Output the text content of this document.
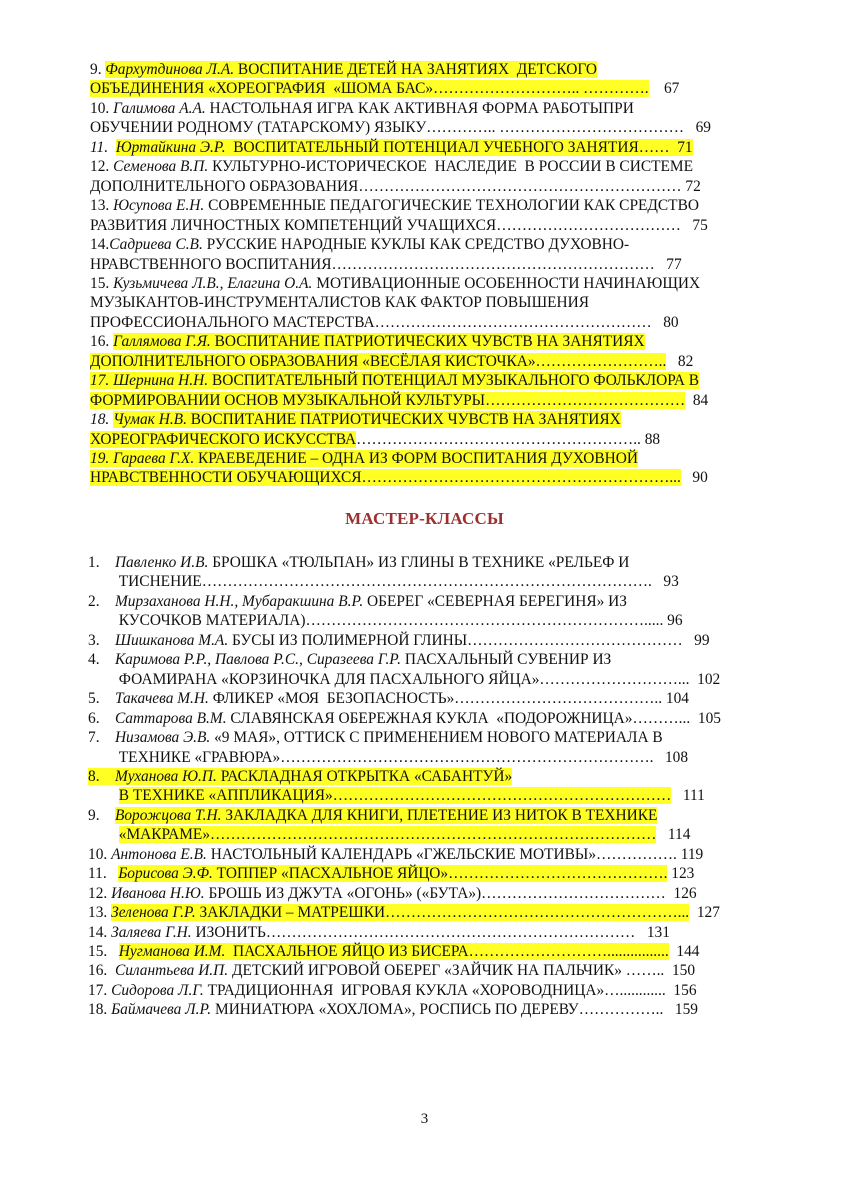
9. Фархутдинова Л.А. ВОСПИТАНИЕ ДЕТЕЙ НА ЗАНЯТИЯХ  ДЕТСКОГО
ОБЪЕДИНЕНИЯ «ХОРЕОГРАФИЯ  «ШОМА БАС»……………………….. ………….    67
10. Галимова А.А. НАСТОЛЬНАЯ ИГРА КАК АКТИВНАЯ ФОРМА РАБОТЫПРИ
ОБУЧЕНИИ РОДНОМУ (ТАТАРСКОМУ) ЯЗЫКУ………….. ………………………………   69
11.  Юртайкина Э.Р.  ВОСПИТАТЕЛЬНЫЙ ПОТЕНЦИАЛ УЧЕБНОГО ЗАНЯТИЯ……  71
12. Семенова В.П. КУЛЬТУРНО-ИСТОРИЧЕСКОЕ  НАСЛЕДИЕ  В РОССИИ В СИСТЕМЕ
ДОПОЛНИТЕЛЬНОГО ОБРАЗОВАНИЯ……………………………………………………… 72
13. Юсупова Е.Н. СОВРЕМЕННЫЕ ПЕДАГОГИЧЕСКИЕ ТЕХНОЛОГИИ КАК СРЕДСТВО
РАЗВИТИЯ ЛИЧНОСТНЫХ КОМПЕТЕНЦИЙ УЧАЩИХСЯ………………………………   75
14.Садриева С.В. РУССКИЕ НАРОДНЫЕ КУКЛЫ КАК СРЕДСТВО ДУХОВНО-
НРАВСТВЕННОГО ВОСПИТАНИЯ………………………………………………………   77
15. Кузьмичева Л.В., Елагина О.А. МОТИВАЦИОННЫЕ ОСОБЕННОСТИ НАЧИНАЮЩИХ
МУЗЫКАНТОВ-ИНСТРУМЕНТАЛИСТОВ КАК ФАКТОР ПОВЫШЕНИЯ
ПРОФЕССИОНАЛЬНОГО МАСТЕРСТВА………………………………………………   80
16. Галлямова Г.Я. ВОСПИТАНИЕ ПАТРИОТИЧЕСКИХ ЧУВСТВ НА ЗАНЯТИЯХ
ДОПОЛНИТЕЛЬНОГО ОБРАЗОВАНИЯ «ВЕСЁЛАЯ КИСТОЧКА»……………………..   82
17. Шернина Н.Н. ВОСПИТАТЕЛЬНЫЙ ПОТЕНЦИАЛ МУЗЫКАЛЬНОГО ФОЛЬКЛОРА В
ФОРМИРОВАНИИ ОСНОВ МУЗЫКАЛЬНОЙ КУЛЬТУРЫ…………………………………  84
18. Чумак Н.В. ВОСПИТАНИЕ ПАТРИОТИЧЕСКИХ ЧУВСТВ НА ЗАНЯТИЯХ
ХОРЕОГРАФИЧЕСКОГО ИСКУССТВА……………………………………………….. 88
19. Гараева Г.Х. КРАЕВЕДЕНИЕ – ОДНА ИЗ ФОРМ ВОСПИТАНИЯ ДУХОВНОЙ
НРАВСТВЕННОСТИ ОБУЧАЮЩИХСЯ……………………………………………………...   90
МАСТЕР-КЛАССЫ
1.    Павленко И.В. БРОШКА «ТЮЛЬПАН» ИЗ ГЛИНЫ В ТЕХНИКЕ «РЕЛЬЕФ И
ТИСНЕНИЕ…………………………………………………………………………….   93
2.    Мирзаханова Н.Н., Мубаракшина В.Р. ОБЕРЕГ «СЕВЕРНАЯ БЕРЕГИНЯ» ИЗ
КУСОЧКОВ МАТЕРИАЛА)…………………………………………………………..... 96
3.    Шишканова М.А. БУСЫ ИЗ ПОЛИМЕРНОЙ ГЛИНЫ……………………………………   99
4.    Каримова Р.Р., Павлова Р.С., Сиразеева Г.Р. ПАСХАЛЬНЫЙ СУВЕНИР ИЗ
ФОАМИРАНА «КОРЗИНОЧКА ДЛЯ ПАСХАЛЬНОГО ЯЙЦА»………………………...  102
5.    Такачева М.Н. ФЛИКЕР «МОЯ  БЕЗОПАСНОСТЬ»………………………………….. 104
6.    Саттарова В.М. СЛАВЯНСКАЯ ОБЕРЕЖНАЯ КУКЛА  «ПОДОРОЖНИЦА»………...  105
7.    Низамова Э.В. «9 МАЯ», ОТТИСК С ПРИМЕНЕНИЕМ НОВОГО МАТЕРИАЛА В
ТЕХНИКЕ «ГРАВЮРА»……………………………………………………………….   108
8.    Муханова Ю.П. РАСКЛАДНАЯ ОТКРЫТКА «САБАНТУЙ»
В ТЕХНИКЕ «АППЛИКАЦИЯ»…………………………………………………………   111
9.    Ворожцова Т.Н. ЗАКЛАДКА ДЛЯ КНИГИ, ПЛЕТЕНИЕ ИЗ НИТОК В ТЕХНИКЕ
«МАКРАМЕ»……………………………………………………………………………   114
10. Антонова Е.В. НАСТОЛЬНЫЙ КАЛЕНДАРЬ «ГЖЕЛЬСКИЕ МОТИВЫ»……………. 119
11.   Борисова Э.Ф. ТОППЕР «ПАСХАЛЬНОЕ ЯЙЦО»……………………………………. 123
12. Иванова Н.Ю. БРОШЬ ИЗ ДЖУТА «ОГОНЬ» («БУТА»)………………………………  126
13. Зеленова Г.Р. ЗАКЛАДКИ – МАТРЕШКИ…………………………………………………...  127
14. Заляева Г.Н. ИЗОНИТЬ………………………………………………………………   131
15.   Нугманова И.М.  ПАСХАЛЬНОЕ ЯЙЦО ИЗ БИСЕРА………………………................  144
16.  Силантьева И.П. ДЕТСКИЙ ИГРОВОЙ ОБЕРЕГ «ЗАЙЧИК НА ПАЛЬЧИК» ……..  150
17. Сидорова Л.Г. ТРАДИЦИОННАЯ  ИГРОВАЯ КУКЛА «ХОРОВОДНИЦА»…............  156
18. Баймачева Л.Р. МИНИАТЮРА «ХОХЛОМА», РОСПИСЬ ПО ДЕРЕВУ……………..   159
3
